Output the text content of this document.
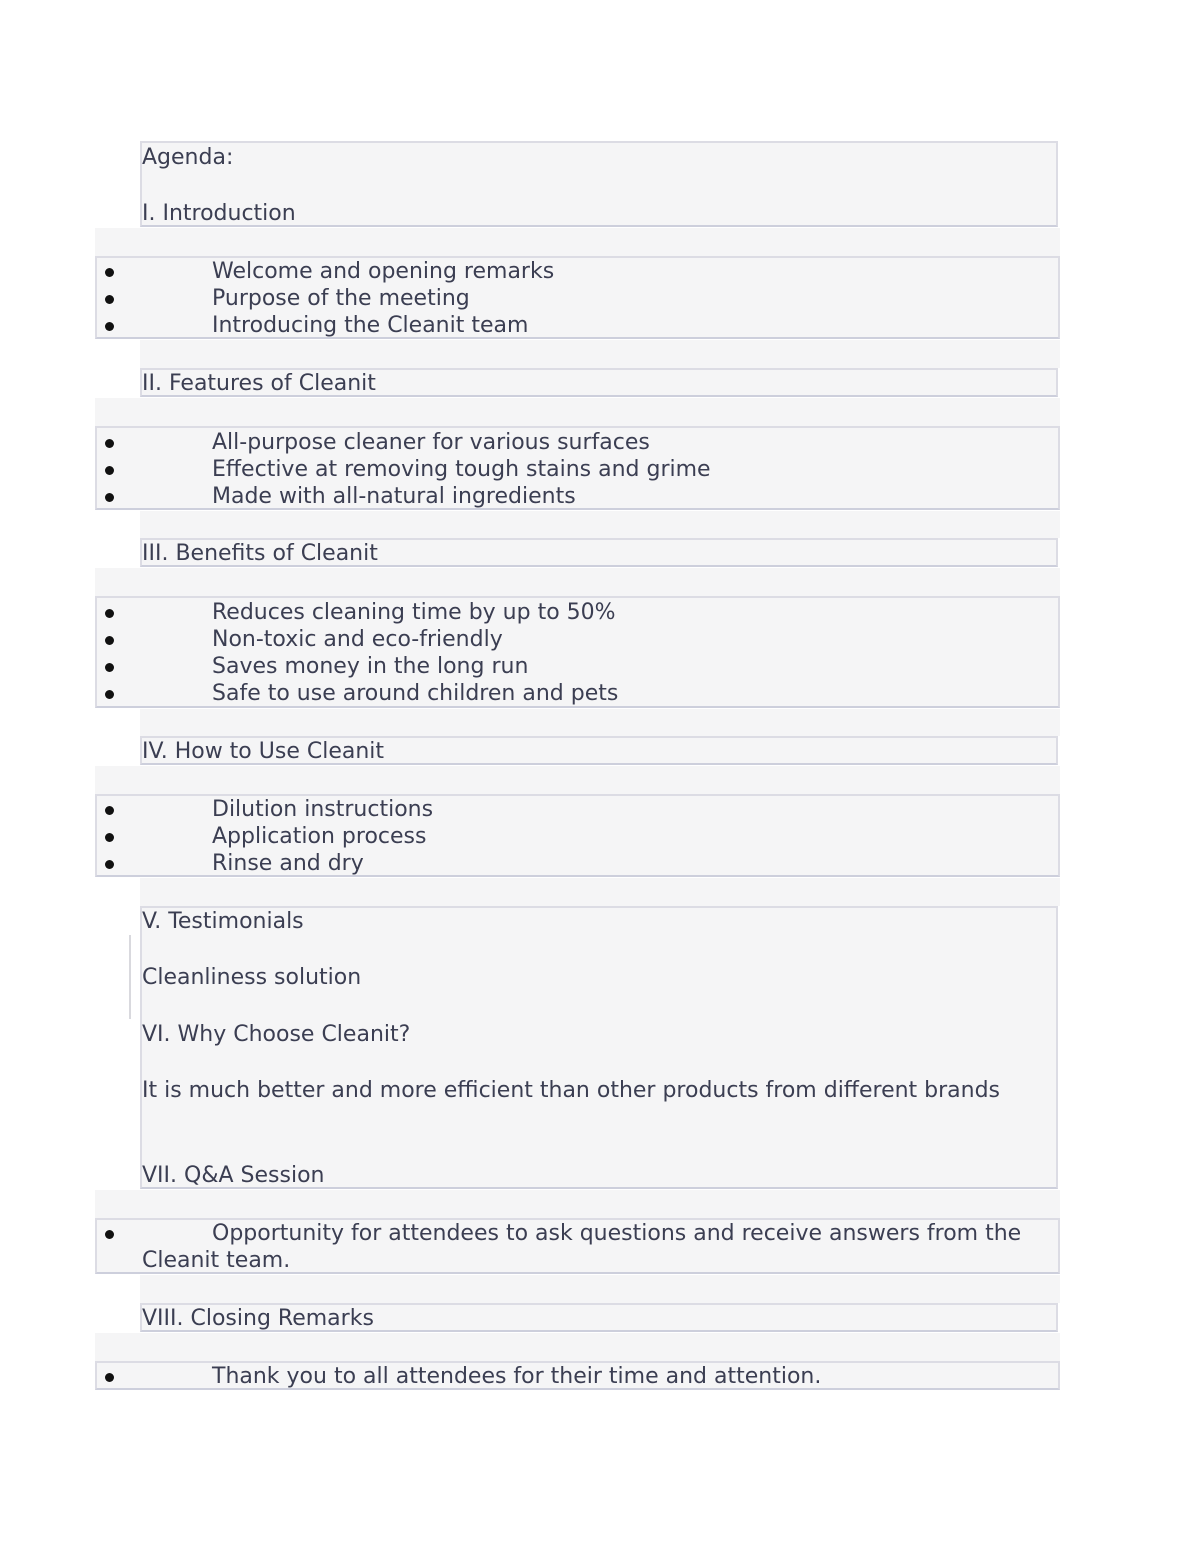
Agenda:
I. Introduction
Welcome and opening remarks
Purpose of the meeting
Introducing the Cleanit team
II. Features of Cleanit
All-purpose cleaner for various surfaces
Effective at removing tough stains and grime
Made with all-natural ingredients
III. Benefits of Cleanit
Reduces cleaning time by up to 50%
Non-toxic and eco-friendly
Saves money in the long run
Safe to use around children and pets
IV. How to Use Cleanit
Dilution instructions
Application process
Rinse and dry
V. Testimonials
Cleanliness solution
VI. Why Choose Cleanit?
It is much better and more efficient than other products from different brands
VII. Q&A Session
Opportunity for attendees to ask questions and receive answers from the Cleanit team.
VIII. Closing Remarks
Thank you to all attendees for their time and attention.
